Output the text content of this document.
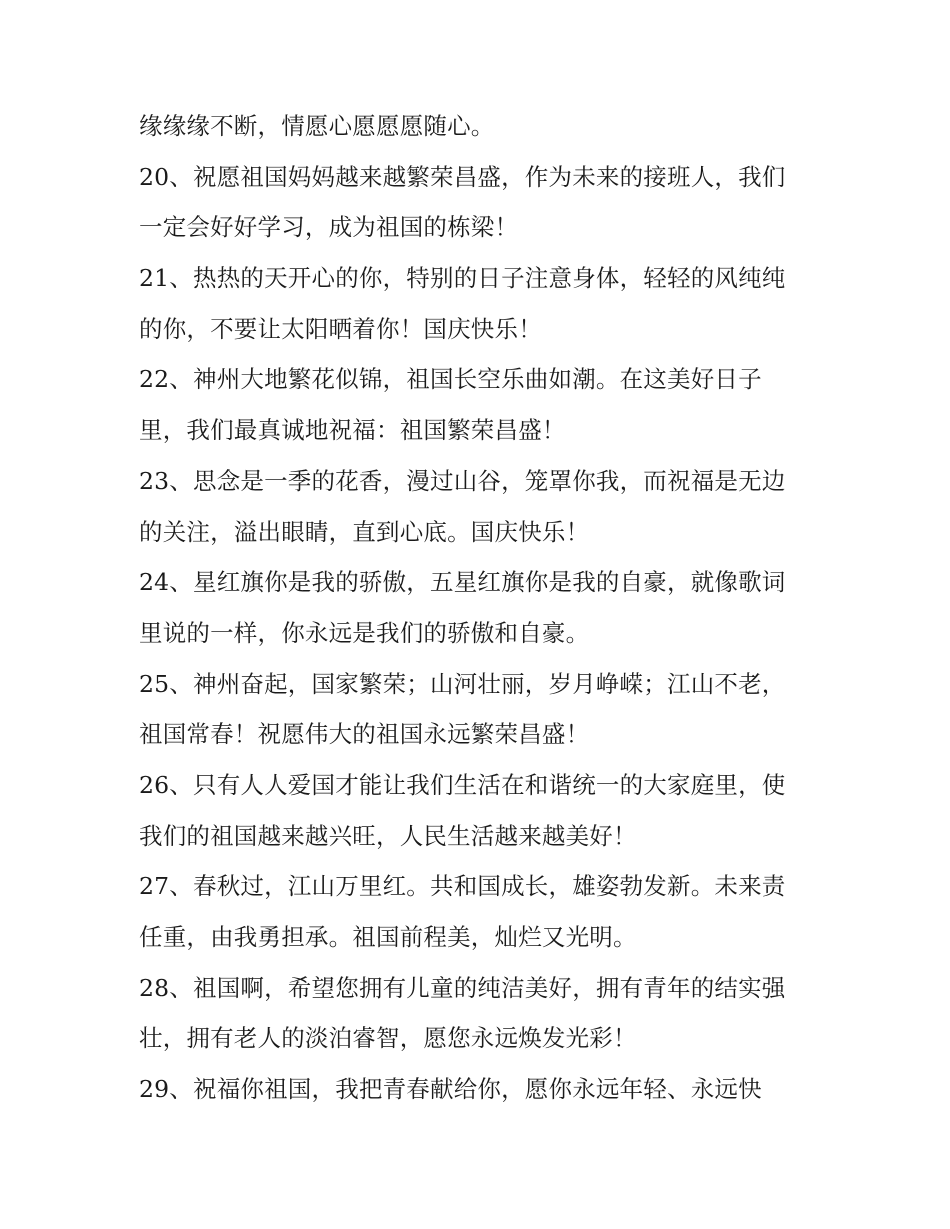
缘缘缘不断，情愿心愿愿愿随心。
20、祝愿祖国妈妈越来越繁荣昌盛，作为未来的接班人，我们
一定会好好学习，成为祖国的栋梁！
21、热热的天开心的你，特别的日子注意身体，轻轻的风纯纯
的你，不要让太阳晒着你！国庆快乐！
22、神州大地繁花似锦，祖国长空乐曲如潮。在这美好日子
里，我们最真诚地祝福：祖国繁荣昌盛！
23、思念是一季的花香，漫过山谷，笼罩你我，而祝福是无边
的关注，溢出眼睛，直到心底。国庆快乐！
24、星红旗你是我的骄傲，五星红旗你是我的自豪，就像歌词
里说的一样，你永远是我们的骄傲和自豪。
25、神州奋起，国家繁荣；山河壮丽，岁月峥嵘；江山不老，
祖国常春！祝愿伟大的祖国永远繁荣昌盛！
26、只有人人爱国才能让我们生活在和谐统一的大家庭里，使
我们的祖国越来越兴旺，人民生活越来越美好！
27、春秋过，江山万里红。共和国成长，雄姿勃发新。未来责
任重，由我勇担承。祖国前程美，灿烂又光明。
28、祖国啊，希望您拥有儿童的纯洁美好，拥有青年的结实强
壮，拥有老人的淡泊睿智，愿您永远焕发光彩！
29、祝福你祖国，我把青春献给你，愿你永远年轻、永远快
